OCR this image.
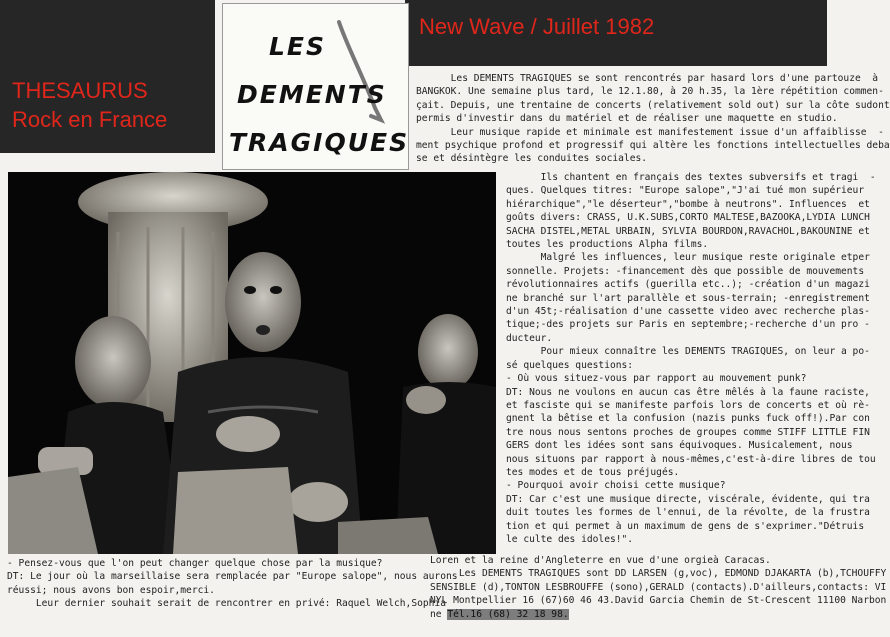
New Wave / Juillet 1982
THESAURUS
Rock en France
LES
DEMENTS
TRAGIQUES
Les DEMENTS TRAGIQUES se sont rencontrés par hasard lors d'une partouze  à
BANGKOK. Une semaine plus tard, le 12.1.80, à 20 h.35, la 1ère répétition commen-
çait. Depuis, une trentaine de concerts (relativement sold out) sur la côte sudont
permis d'investir dans du matériel et de réaliser une maquette en studio.
Leur musique rapide et minimale est manifestement issue d'un affaiblisse  -
ment psychique profond et progressif qui altère les fonctions intellectuelles deba
se et désintègre les conduites sociales.
Ils chantent en français des textes subversifs et tragi  -
ques. Quelques titres: "Europe salope","J'ai tué mon supérieur
hiérarchique","le déserteur","bombe à neutrons". Influences  et
goûts divers: CRASS, U.K.SUBS,CORTO MALTESE,BAZOOKA,LYDIA LUNCH
SACHA DISTEL,METAL URBAIN, SYLVIA BOURDON,RAVACHOL,BAKOUNINE et
toutes les productions Alpha films.
Malgré les influences, leur musique reste originale etper
sonnelle. Projets: -financement dès que possible de mouvements
révolutionnaires actifs (guerilla etc..); -création d'un magazi
ne branché sur l'art parallèle et sous-terrain; -enregistrement
d'un 45t;-réalisation d'une cassette video avec recherche plas-
tique;-des projets sur Paris en septembre;-recherche d'un pro -
ducteur.
Pour mieux connaître les DEMENTS TRAGIQUES, on leur a po-
sé quelques questions:
- Où vous situez-vous par rapport au mouvement punk?
DT: Nous ne voulons en aucun cas être mêlés à la faune raciste,
et fasciste qui se manifeste parfois lors de concerts et où rè-
gnent la bêtise et la confusion (nazis punks fuck off!).Par con
tre nous nous sentons proches de groupes comme STIFF LITTLE FIN
GERS dont les idées sont sans équivoques. Musicalement, nous
nous situons par rapport à nous-mêmes,c'est-à-dire libres de tou
tes modes et de tous préjugés.
- Pourquoi avoir choisi cette musique?
DT: Car c'est une musique directe, viscérale, évidente, qui tra
duit toutes les formes de l'ennui, de la révolte, de la frustra
tion et qui permet à un maximum de gens de s'exprimer."Détruis
le culte des idoles!".
Loren et la reine d'Angleterre en vue d'une orgieà Caracas.
Les DEMENTS TRAGIQUES sont DD LARSEN (g,voc), EDMOND DJAKARTA (b),TCHOUFFY
SENSIBLE (d),TONTON LESBROUFFE (sono),GERALD (contacts).D'ailleurs,contacts: VI
NYL Montpellier 16 (67)60 46 43.David Garcia Chemin de St-Crescent 11100 Narbon
ne Tél.16 (68) 32 18 98.
- Pensez-vous que l'on peut changer quelque chose par la musique?
DT: Le jour où la marseillaise sera remplacée par "Europe salope", nous aurons
réussi; nous avons bon espoir,merci.
Leur dernier souhait serait de rencontrer en privé: Raquel Welch,Sophia
